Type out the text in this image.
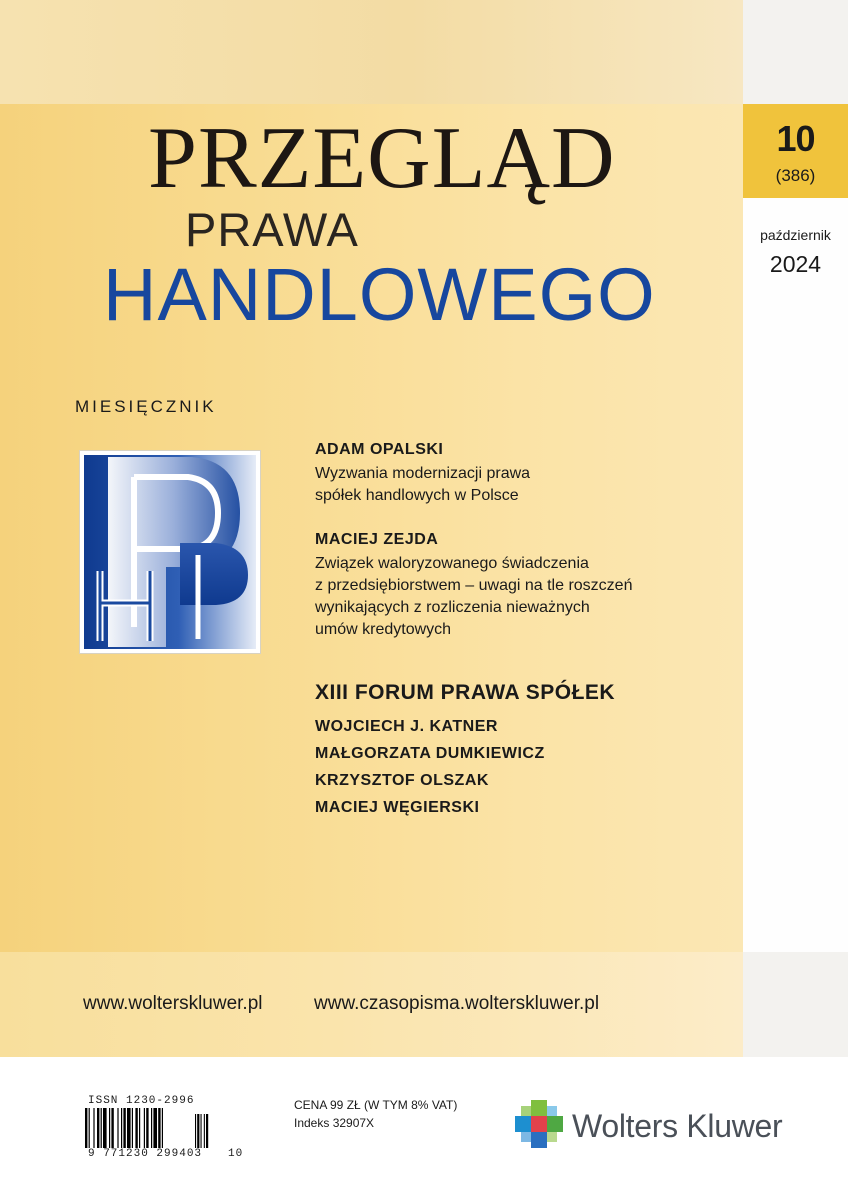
10
(386)
październik
2024
PRZEGLĄD
PRAWA
HANDLOWEGO
MIESIĘCZNIK
ADAM OPALSKI
Wyzwania modernizacji prawa
spółek handlowych w Polsce
MACIEJ ZEJDA
Związek waloryzowanego świadczenia
z przedsiębiorstwem – uwagi na tle roszczeń
wynikających z rozliczenia nieważnych
umów kredytowych
XIII FORUM PRAWA SPÓŁEK
WOJCIECH J. KATNER
MAŁGORZATA DUMKIEWICZ
KRZYSZTOF OLSZAK
MACIEJ WĘGIERSKI
www.wolterskluwer.pl	www.czasopisma.wolterskluwer.pl
ISSN 1230-2996
9 771230 299403 10
CENA 99 ZŁ (W TYM 8% VAT)
Indeks 32907X	Wolters Kluwer
